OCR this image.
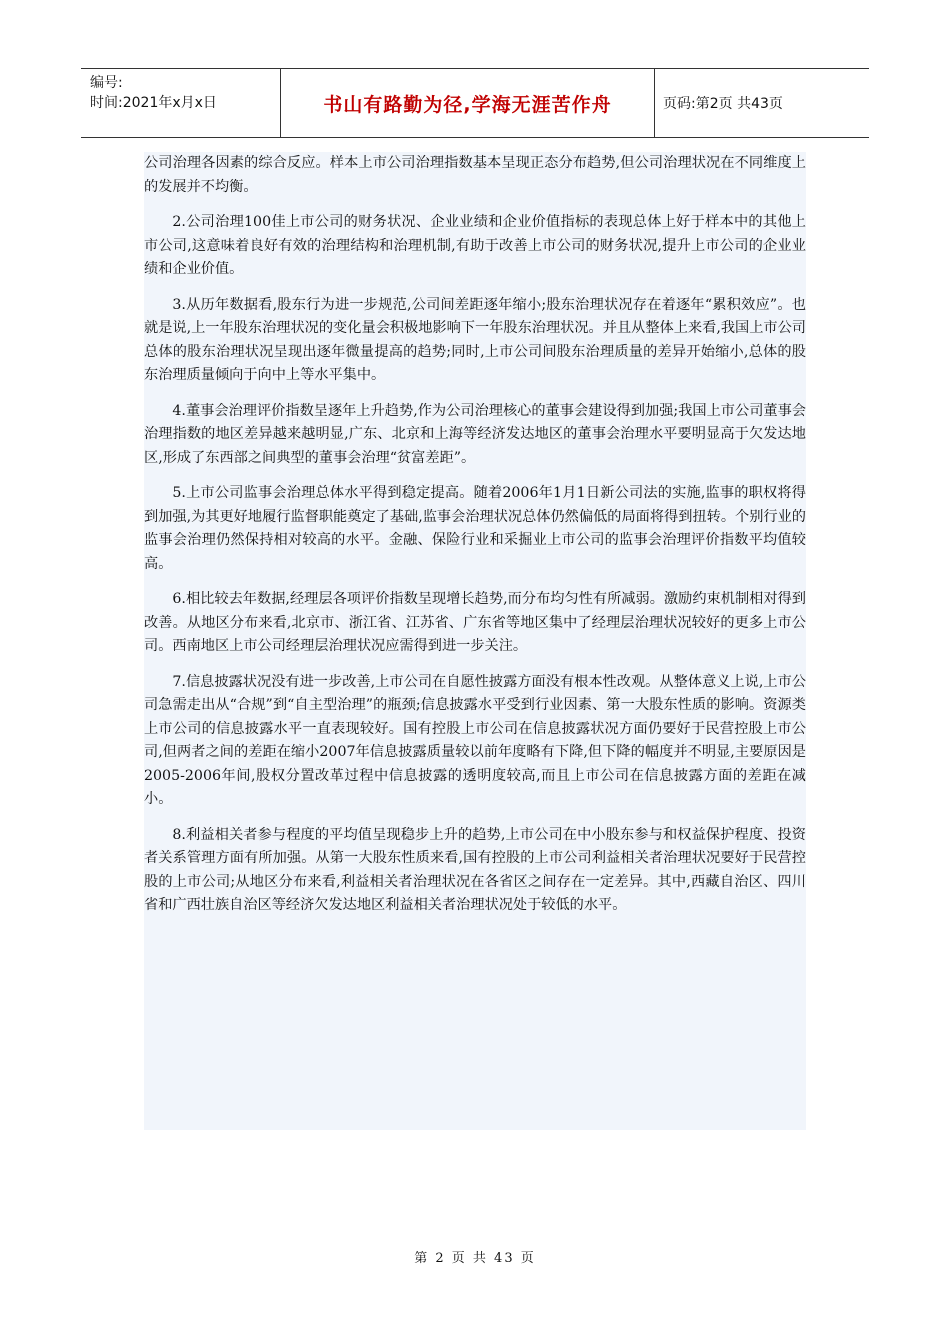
编号:
时间:2021年x月x日	书山有路勤为径,学海无涯苦作舟	页码:第2页 共43页

公司治理各因素的综合反应。样本上市公司治理指数基本呈现正态分布趋势,但公司治理状况在不同维度上的发展并不均衡。

2.公司治理100佳上市公司的财务状况、企业业绩和企业价值指标的表现总体上好于样本中的其他上市公司,这意味着良好有效的治理结构和治理机制,有助于改善上市公司的财务状况,提升上市公司的企业业绩和企业价值。

3.从历年数据看,股东行为进一步规范,公司间差距逐年缩小;股东治理状况存在着逐年“累积效应”。也就是说,上一年股东治理状况的变化量会积极地影响下一年股东治理状况。并且从整体上来看,我国上市公司总体的股东治理状况呈现出逐年微量提高的趋势;同时,上市公司间股东治理质量的差异开始缩小,总体的股东治理质量倾向于向中上等水平集中。

4.董事会治理评价指数呈逐年上升趋势,作为公司治理核心的董事会建设得到加强;我国上市公司董事会治理指数的地区差异越来越明显,广东、北京和上海等经济发达地区的董事会治理水平要明显高于欠发达地区,形成了东西部之间典型的董事会治理“贫富差距”。

5.上市公司监事会治理总体水平得到稳定提高。随着2006年1月1日新公司法的实施,监事的职权将得到加强,为其更好地履行监督职能奠定了基础,监事会治理状况总体仍然偏低的局面将得到扭转。个别行业的监事会治理仍然保持相对较高的水平。金融、保险行业和采掘业上市公司的监事会治理评价指数平均值较高。

6.相比较去年数据,经理层各项评价指数呈现增长趋势,而分布均匀性有所减弱。激励约束机制相对得到改善。从地区分布来看,北京市、浙江省、江苏省、广东省等地区集中了经理层治理状况较好的更多上市公司。西南地区上市公司经理层治理状况应需得到进一步关注。

7.信息披露状况没有进一步改善,上市公司在自愿性披露方面没有根本性改观。从整体意义上说,上市公司急需走出从“合规”到“自主型治理”的瓶颈;信息披露水平受到行业因素、第一大股东性质的影响。资源类上市公司的信息披露水平一直表现较好。国有控股上市公司在信息披露状况方面仍要好于民营控股上市公司,但两者之间的差距在缩小2007年信息披露质量较以前年度略有下降,但下降的幅度并不明显,主要原因是2005-2006年间,股权分置改革过程中信息披露的透明度较高,而且上市公司在信息披露方面的差距在减小。

8.利益相关者参与程度的平均值呈现稳步上升的趋势,上市公司在中小股东参与和权益保护程度、投资者关系管理方面有所加强。从第一大股东性质来看,国有控股的上市公司利益相关者治理状况要好于民营控股的上市公司;从地区分布来看,利益相关者治理状况在各省区之间存在一定差异。其中,西藏自治区、四川省和广西壮族自治区等经济欠发达地区利益相关者治理状况处于较低的水平。

第 2 页 共 43 页
